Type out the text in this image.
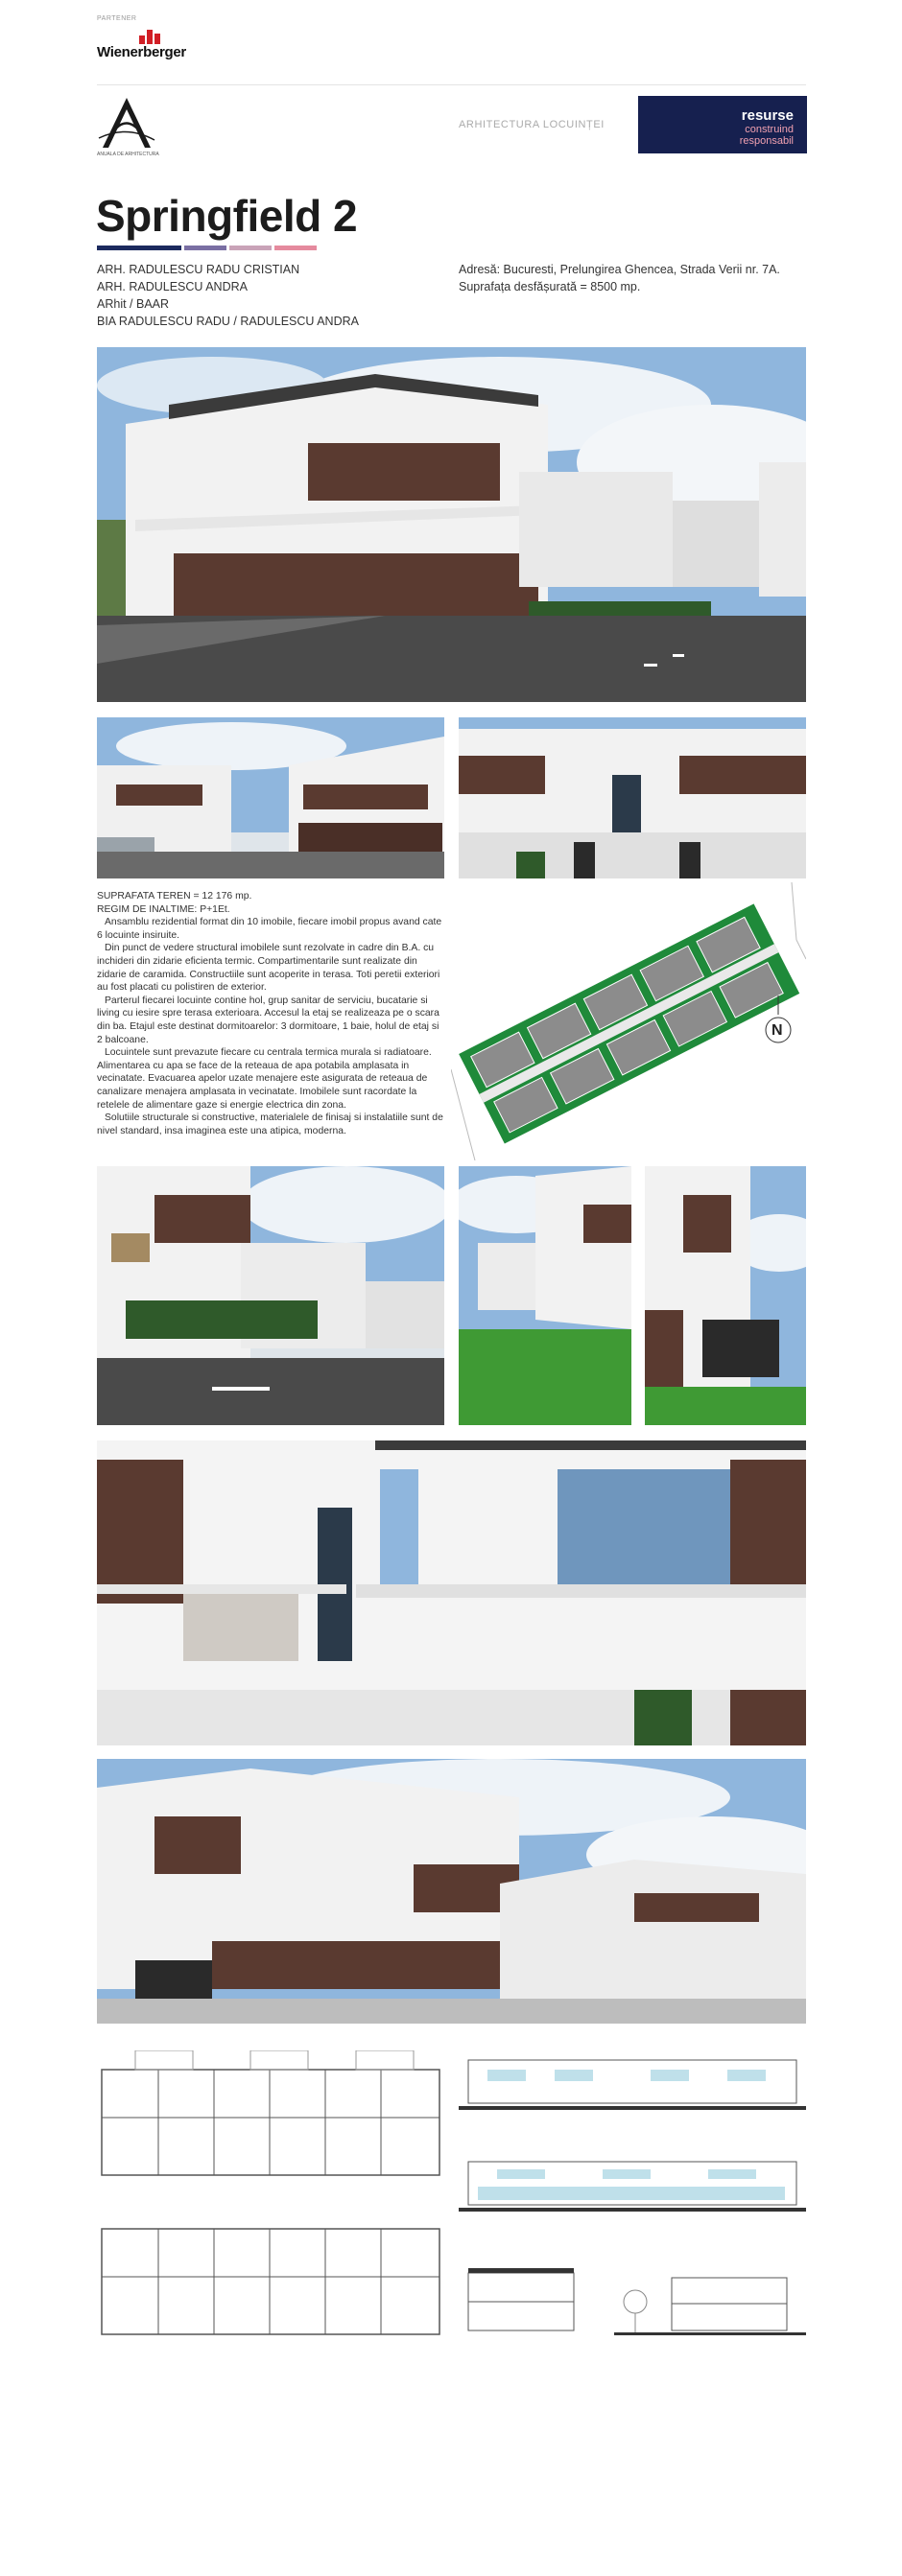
PARTENER
Wienerberger
ANUALA DE ARHITECTURA
ARHITECTURA LOCUINȚEI
resurse
construind
responsabil
Springfield 2
ARH. RADULESCU RADU CRISTIAN
ARH. RADULESCU ANDRA
ARhit / BAAR
BIA RADULESCU RADU / RADULESCU ANDRA
Adresă: Bucuresti, Prelungirea Ghencea, Strada Verii nr. 7A.
Suprafața desfășurată = 8500 mp.

SUPRAFATA TEREN = 12 176 mp.

REGIM DE INALTIME: P+1Et.

Ansamblu rezidential format din 10 imobile, fiecare imobil propus avand cate 6 locuinte insiruite.

Din punct de vedere structural imobilele sunt rezolvate in cadre din B.A. cu inchideri din zidarie eficienta termic. Compartimentarile sunt realizate din zidarie de caramida. Constructiile sunt acoperite in terasa. Toti peretii exteriori au fost placati cu polistiren de exterior.

Parterul fiecarei locuinte contine hol, grup sanitar de serviciu, bucatarie si living cu iesire spre terasa exterioara. Accesul la etaj se realizeaza pe o scara din ba. Etajul este destinat dormitoarelor: 3 dormitoare, 1 baie, holul de etaj si 2 balcoane.

Locuintele sunt prevazute fiecare cu centrala termica murala si radiatoare. Alimentarea cu apa se face de la reteaua de apa potabila amplasata in vecinatate. Evacuarea apelor uzate menajere este asigurata de reteaua de canalizare menajera amplasata in vecinatate. Imobilele sunt racordate la retelele de alimentare gaze si energie electrica din zona.

Solutiile structurale si constructive, materialele de finisaj si instalatiile sunt de nivel standard, insa imaginea este una atipica, moderna.

N
